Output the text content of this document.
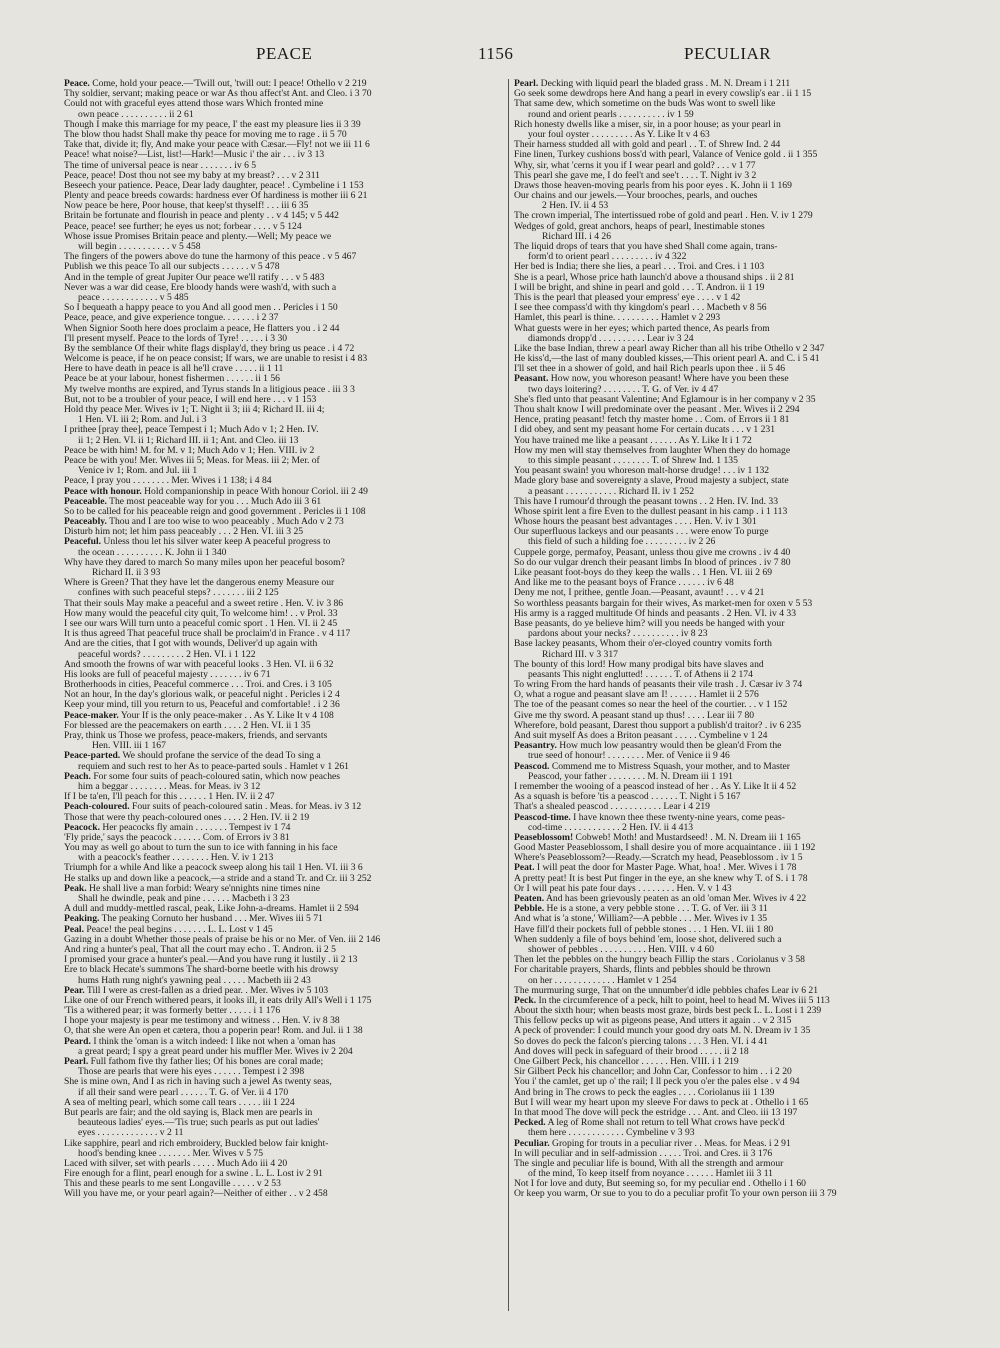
PEACE	1156	PECULIAR
Peace. Come, hold your peace.—'Twill out, 'twill out: I peace! Othello v 2 219
Thy soldier, servant; making peace or war As thou affect'st Ant. and Cleo. i 3 70
Could not with graceful eyes attend those wars Which fronted mine
own peace . . . . . . . . . . ii 2 61
Though I make this marriage for my peace, I' the east my pleasure lies ii 3 39
The blow thou hadst Shall make thy peace for moving me to rage . ii 5 70
Take that, divide it; fly, And make your peace with Cæsar.—Fly! not we iii 11 6
Peace! what noise?—List, list!—Hark!—Music i' the air . . . iv 3 13
The time of universal peace is near . . . . . . . iv 6 5
Peace, peace! Dost thou not see my baby at my breast? . . . v 2 311
Beseech your patience. Peace, Dear lady daughter, peace! . Cymbeline i 1 153
Plenty and peace breeds cowards: hardness ever Of hardiness is mother iii 6 21
Now peace be here, Poor house, that keep'st thyself! . . . iii 6 35
Britain be fortunate and flourish in peace and plenty . . v 4 145; v 5 442
Peace, peace! see further; he eyes us not; forbear . . . . v 5 124
Whose issue Promises Britain peace and plenty.—Well; My peace we
will begin . . . . . . . . . . . v 5 458
The fingers of the powers above do tune the harmony of this peace . v 5 467
Publish we this peace To all our subjects . . . . . . v 5 478
And in the temple of great Jupiter Our peace we'll ratify . . . v 5 483
Never was a war did cease, Ere bloody hands were wash'd, with such a
peace . . . . . . . . . . . . v 5 485
So I bequeath a happy peace to you And all good men . . Pericles i 1 50
Peace, peace, and give experience tongue. . . . . . . i 2 37
When Signior Sooth here does proclaim a peace, He flatters you . i 2 44
I'll present myself. Peace to the lords of Tyre! . . . . . i 3 30
By the semblance Of their white flags display'd, they bring us peace . i 4 72
Welcome is peace, if he on peace consist; If wars, we are unable to resist i 4 83
Here to have death in peace is all he'll crave . . . . . ii 1 11
Peace be at your labour, honest fishermen . . . . . . ii 1 56
My twelve months are expired, and Tyrus stands In a litigious peace . iii 3 3
But, not to be a troubler of your peace, I will end here . . . v 1 153
Hold thy peace Mer. Wives iv 1; T. Night ii 3; iii 4; Richard II. iii 4;
1 Hen. VI. iii 2; Rom. and Jul. i 3
I prithee [pray thee], peace Tempest i 1; Much Ado v 1; 2 Hen. IV.
ii 1; 2 Hen. VI. ii 1; Richard III. ii 1; Ant. and Cleo. iii 13
Peace be with him! M. for M. v 1; Much Ado v 1; Hen. VIII. iv 2
Peace be with you! Mer. Wives iii 5; Meas. for Meas. iii 2; Mer. of
Venice iv 1; Rom. and Jul. iii 1
Peace, I pray you . . . . . . . . Mer. Wives i 1 138; i 4 84
Peace with honour. Hold companionship in peace With honour Coriol. iii 2 49
Peaceable. The most peaceable way for you . . . Much Ado iii 3 61
So to be called for his peaceable reign and good government . Pericles ii 1 108
Peaceably. Thou and I are too wise to woo peaceably . Much Ado v 2 73
Disturb him not; let him pass peaceably . . . 2 Hen. VI. iii 3 25
Peaceful. Unless thou let his silver water keep A peaceful progress to
the ocean . . . . . . . . . . K. John ii 1 340
Why have they dared to march So many miles upon her peaceful bosom?
Richard II. ii 3 93
Where is Green? That they have let the dangerous enemy Measure our
confines with such peaceful steps? . . . . . . . iii 2 125
That their souls May make a peaceful and a sweet retire . Hen. V. iv 3 86
How many would the peaceful city quit, To welcome him! . . v Prol. 33
I see our wars Will turn unto a peaceful comic sport . 1 Hen. VI. ii 2 45
It is thus agreed That peaceful truce shall be proclaim'd in France . v 4 117
And are the cities, that I got with wounds, Deliver'd up again with
peaceful words? . . . . . . . . . 2 Hen. VI. i 1 122
And smooth the frowns of war with peaceful looks . 3 Hen. VI. ii 6 32
His looks are full of peaceful majesty . . . . . . . iv 6 71
Brotherhoods in cities, Peaceful commerce . . . Troi. and Cres. i 3 105
Not an hour, In the day's glorious walk, or peaceful night . Pericles i 2 4
Keep your mind, till you return to us, Peaceful and comfortable! . i 2 36
Peace-maker. Your If is the only peace-maker . . As Y. Like It v 4 108
For blessed are the peacemakers on earth . . . . 2 Hen. VI. ii 1 35
Pray, think us Those we profess, peace-makers, friends, and servants
Hen. VIII. iii 1 167
Peace-parted. We should profane the service of the dead To sing a
requiem and such rest to her As to peace-parted souls . Hamlet v 1 261
Peach. For some four suits of peach-coloured satin, which now peaches
him a beggar . . . . . . . . Meas. for Meas. iv 3 12
If I be ta'en, I'll peach for this . . . . . . 1 Hen. IV. ii 2 47
Peach-coloured. Four suits of peach-coloured satin . Meas. for Meas. iv 3 12
Those that were thy peach-coloured ones . . . . 2 Hen. IV. ii 2 19
Peacock. Her peacocks fly amain . . . . . . . Tempest iv 1 74
'Fly pride,' says the peacock . . . . . . Com. of Errors iv 3 81
You may as well go about to turn the sun to ice with fanning in his face
with a peacock's feather . . . . . . . . Hen. V. iv 1 213
Triumph for a while And like a peacock sweep along his tail 1 Hen. VI. iii 3 6
He stalks up and down like a peacock,—a stride and a stand Tr. and Cr. iii 3 252
Peak. He shall live a man forbid: Weary se'nnights nine times nine
Shall he dwindle, peak and pine . . . . . . Macbeth i 3 23
A dull and muddy-mettled rascal, peak, Like John-a-dreams. Hamlet ii 2 594
Peaking. The peaking Cornuto her husband . . . Mer. Wives iii 5 71
Peal. Peace! the peal begins . . . . . . . L. L. Lost v 1 45
Gazing in a doubt Whether those peals of praise be his or no Mer. of Ven. iii 2 146
And ring a hunter's peal, That all the court may echo . T. Andron. ii 2 5
I promised your grace a hunter's peal.—And you have rung it lustily . ii 2 13
Ere to black Hecate's summons The shard-borne beetle with his drowsy
hums Hath rung night's yawning peal . . . . . Macbeth iii 2 43
Pear. Till I were as crest-fallen as a dried pear. . Mer. Wives iv 5 103
Like one of our French withered pears, it looks ill, it eats drily All's Well i 1 175
'Tis a withered pear; it was formerly better . . . . . i 1 176
I hope your majesty is pear me testimony and witness . . Hen. V. iv 8 38
O, that she were An open et cætera, thou a poperin pear! Rom. and Jul. ii 1 38
Peard. I think the 'oman is a witch indeed: I like not when a 'oman has
a great peard; I spy a great peard under his muffler Mer. Wives iv 2 204
Pearl. Full fathom five thy father lies; Of his bones are coral made;
Those are pearls that were his eyes . . . . . . Tempest i 2 398
She is mine own, And I as rich in having such a jewel As twenty seas,
if all their sand were pearl . . . . . . T. G. of Ver. ii 4 170
A sea of melting pearl, which some call tears . . . . . iii 1 224
But pearls are fair; and the old saying is, Black men are pearls in
beauteous ladies' eyes.—'Tis true; such pearls as put out ladies'
eyes . . . . . . . . . . . . . v 2 11
Like sapphire, pearl and rich embroidery, Buckled below fair knight-
hood's bending knee . . . . . . . Mer. Wives v 5 75
Laced with silver, set with pearls . . . . . Much Ado iii 4 20
Fire enough for a flint, pearl enough for a swine . L. L. Lost iv 2 91
This and these pearls to me sent Longaville . . . . . v 2 53
Will you have me, or your pearl again?—Neither of either . . v 2 458
Pearl. Decking with liquid pearl the bladed grass . M. N. Dream i 1 211
Go seek some dewdrops here And hang a pearl in every cowslip's ear . ii 1 15
That same dew, which sometime on the buds Was wont to swell like
round and orient pearls . . . . . . . . . . iv 1 59
Rich honesty dwells like a miser, sir, in a poor house; as your pearl in
your foul oyster . . . . . . . . . As Y. Like It v 4 63
Their harness studded all with gold and pearl . . T. of Shrew Ind. 2 44
Fine linen, Turkey cushions boss'd with pearl, Valance of Venice gold . ii 1 355
Why, sir, what 'cerns it you if I wear pearl and gold? . . . v 1 77
This pearl she gave me, I do feel't and see't . . . . T. Night iv 3 2
Draws those heaven-moving pearls from his poor eyes . K. John ii 1 169
Our chains and our jewels.—Your brooches, pearls, and ouches
2 Hen. IV. ii 4 53
The crown imperial, The intertissued robe of gold and pearl . Hen. V. iv 1 279
Wedges of gold, great anchors, heaps of pearl, Inestimable stones
Richard III. i 4 26
The liquid drops of tears that you have shed Shall come again, trans-
form'd to orient pearl . . . . . . . . . iv 4 322
Her bed is India; there she lies, a pearl . . . Troi. and Cres. i 1 103
She is a pearl, Whose price hath launch'd above a thousand ships . ii 2 81
I will be bright, and shine in pearl and gold . . . T. Andron. ii 1 19
This is the pearl that pleased your empress' eye . . . . v 1 42
I see thee compass'd with thy kingdom's pearl . . . Macbeth v 8 56
Hamlet, this pearl is thine. . . . . . . . . . Hamlet v 2 293
What guests were in her eyes; which parted thence, As pearls from
diamonds dropp'd . . . . . . . . . . Lear iv 3 24
Like the base Indian, threw a pearl away Richer than all his tribe Othello v 2 347
He kiss'd,—the last of many doubled kisses,—This orient pearl A. and C. i 5 41
I'll set thee in a shower of gold, and hail Rich pearls upon thee . ii 5 46
Peasant. How now, you whoreson peasant! Where have you been these
two days loitering? . . . . . . . . T. G. of Ver. iv 4 47
She's fled unto that peasant Valentine; And Eglamour is in her company v 2 35
Thou shalt know I will predominate over the peasant . Mer. Wives ii 2 294
Hence, prating peasant! fetch thy master home . . Com. of Errors ii 1 81
I did obey, and sent my peasant home For certain ducats . . . v 1 231
You have trained me like a peasant . . . . . . As Y. Like It i 1 72
How my men will stay themselves from laughter When they do homage
to this simple peasant . . . . . . . . T. of Shrew Ind. 1 135
You peasant swain! you whoreson malt-horse drudge! . . . iv 1 132
Made glory base and sovereignty a slave, Proud majesty a subject, state
a peasant . . . . . . . . . . . Richard II. iv 1 252
This have I rumour'd through the peasant towns . . 2 Hen. IV. Ind. 33
Whose spirit lent a fire Even to the dullest peasant in his camp . i 1 113
Whose hours the peasant best advantages . . . . Hen. V. iv 1 301
Our superfluous lackeys and our peasants . . . were enow To purge
this field of such a hilding foe . . . . . . . . . iv 2 26
Cuppele gorge, permafoy, Peasant, unless thou give me crowns . iv 4 40
So do our vulgar drench their peasant limbs In blood of princes . iv 7 80
Like peasant foot-boys do they keep the walls . . 1 Hen. VI. iii 2 69
And like me to the peasant boys of France . . . . . . iv 6 48
Deny me not, I prithee, gentle Joan.—Peasant, avaunt! . . . v 4 21
So worthless peasants bargain for their wives, As market-men for oxen v 5 53
His army is a ragged multitude Of hinds and peasants . 2 Hen. VI. iv 4 33
Base peasants, do ye believe him? will you needs be hanged with your
pardons about your necks? . . . . . . . . . . iv 8 23
Base lackey peasants, Whom their o'er-cloyed country vomits forth
Richard III. v 3 317
The bounty of this lord! How many prodigal bits have slaves and
peasants This night englutted! . . . . . . T. of Athens ii 2 174
To wring From the hard hands of peasants their vile trash . J. Cæsar iv 3 74
O, what a rogue and peasant slave am I! . . . . . . Hamlet ii 2 576
The toe of the peasant comes so near the heel of the courtier. . . v 1 152
Give me thy sword. A peasant stand up thus! . . . . Lear iii 7 80
Wherefore, bold peasant, Darest thou support a publish'd traitor? . iv 6 235
And suit myself As does a Briton peasant . . . . . Cymbeline v 1 24
Peasantry. How much low peasantry would then be glean'd From the
true seed of honour! . . . . . . . . Mer. of Venice ii 9 46
Peascod. Commend me to Mistress Squash, your mother, and to Master
Peascod, your father . . . . . . . . M. N. Dream iii 1 191
I remember the wooing of a peascod instead of her . . As Y. Like It ii 4 52
As a squash is before 'tis a peascod . . . . . . T. Night i 5 167
That's a shealed peascod . . . . . . . . . . . Lear i 4 219
Peascod-time. I have known thee these twenty-nine years, come peas-
cod-time . . . . . . . . . . . . 2 Hen. IV. ii 4 413
Peaseblossom! Cobweb! Moth! and Mustardseed! . M. N. Dream iii 1 165
Good Master Peaseblossom, I shall desire you of more acquaintance . iii 1 192
Where's Peaseblossom?—Ready.—Scratch my head, Peaseblossom . iv 1 5
Peat. I will peat the door for Master Page. What, hoa! . Mer. Wives i 1 78
A pretty peat! It is best Put finger in the eye, an she knew why T. of S. i 1 78
Or I will peat his pate four days . . . . . . . . Hen. V. v 1 43
Peaten. And has been grievously peaten as an old 'oman Mer. Wives iv 4 22
Pebble. He is a stone, a very pebble stone . . . T. G. of Ver. iii 3 11
And what is 'a stone,' William?—A pebble . . . Mer. Wives iv 1 35
Have fill'd their pockets full of pebble stones . . . 1 Hen. VI. iii 1 80
When suddenly a file of boys behind 'em, loose shot, delivered such a
shower of pebbles . . . . . . . . . . Hen. VIII. v 4 60
Then let the pebbles on the hungry beach Fillip the stars . Coriolanus v 3 58
For charitable prayers, Shards, flints and pebbles should be thrown
on her . . . . . . . . . . . . . Hamlet v 1 254
The murmuring surge, That on the unnumber'd idle pebbles chafes Lear iv 6 21
Peck. In the circumference of a peck, hilt to point, heel to head M. Wives iii 5 113
About the sixth hour; when beasts most graze, birds best peck L. L. Lost i 1 239
This fellow pecks up wit as pigeons pease, And utters it again . . v 2 315
A peck of provender: I could munch your good dry oats M. N. Dream iv 1 35
So doves do peck the falcon's piercing talons . . . 3 Hen. VI. i 4 41
And doves will peck in safeguard of their brood . . . . . ii 2 18
One Gilbert Peck, his chancellor . . . . . . Hen. VIII. i 1 219
Sir Gilbert Peck his chancellor; and John Car, Confessor to him . . i 2 20
You i' the camlet, get up o' the rail; I ll peck you o'er the pales else . v 4 94
And bring in The crows to peck the eagles . . . . Coriolanus iii 1 139
But I will wear my heart upon my sleeve For daws to peck at . Othello i 1 65
In that mood The dove will peck the estridge . . . Ant. and Cleo. iii 13 197
Pecked. A leg of Rome shall not return to tell What crows have peck'd
them here . . . . . . . . . . . . Cymbeline v 3 93
Peculiar. Groping for trouts in a peculiar river . . Meas. for Meas. i 2 91
In will peculiar and in self-admission . . . . . Troi. and Cres. ii 3 176
The single and peculiar life is bound, With all the strength and armour
of the mind, To keep itself from noyance . . . . . . Hamlet iii 3 11
Not I for love and duty, But seeming so, for my peculiar end . Othello i 1 60
Or keep you warm, Or sue to you to do a peculiar profit To your own person iii 3 79
